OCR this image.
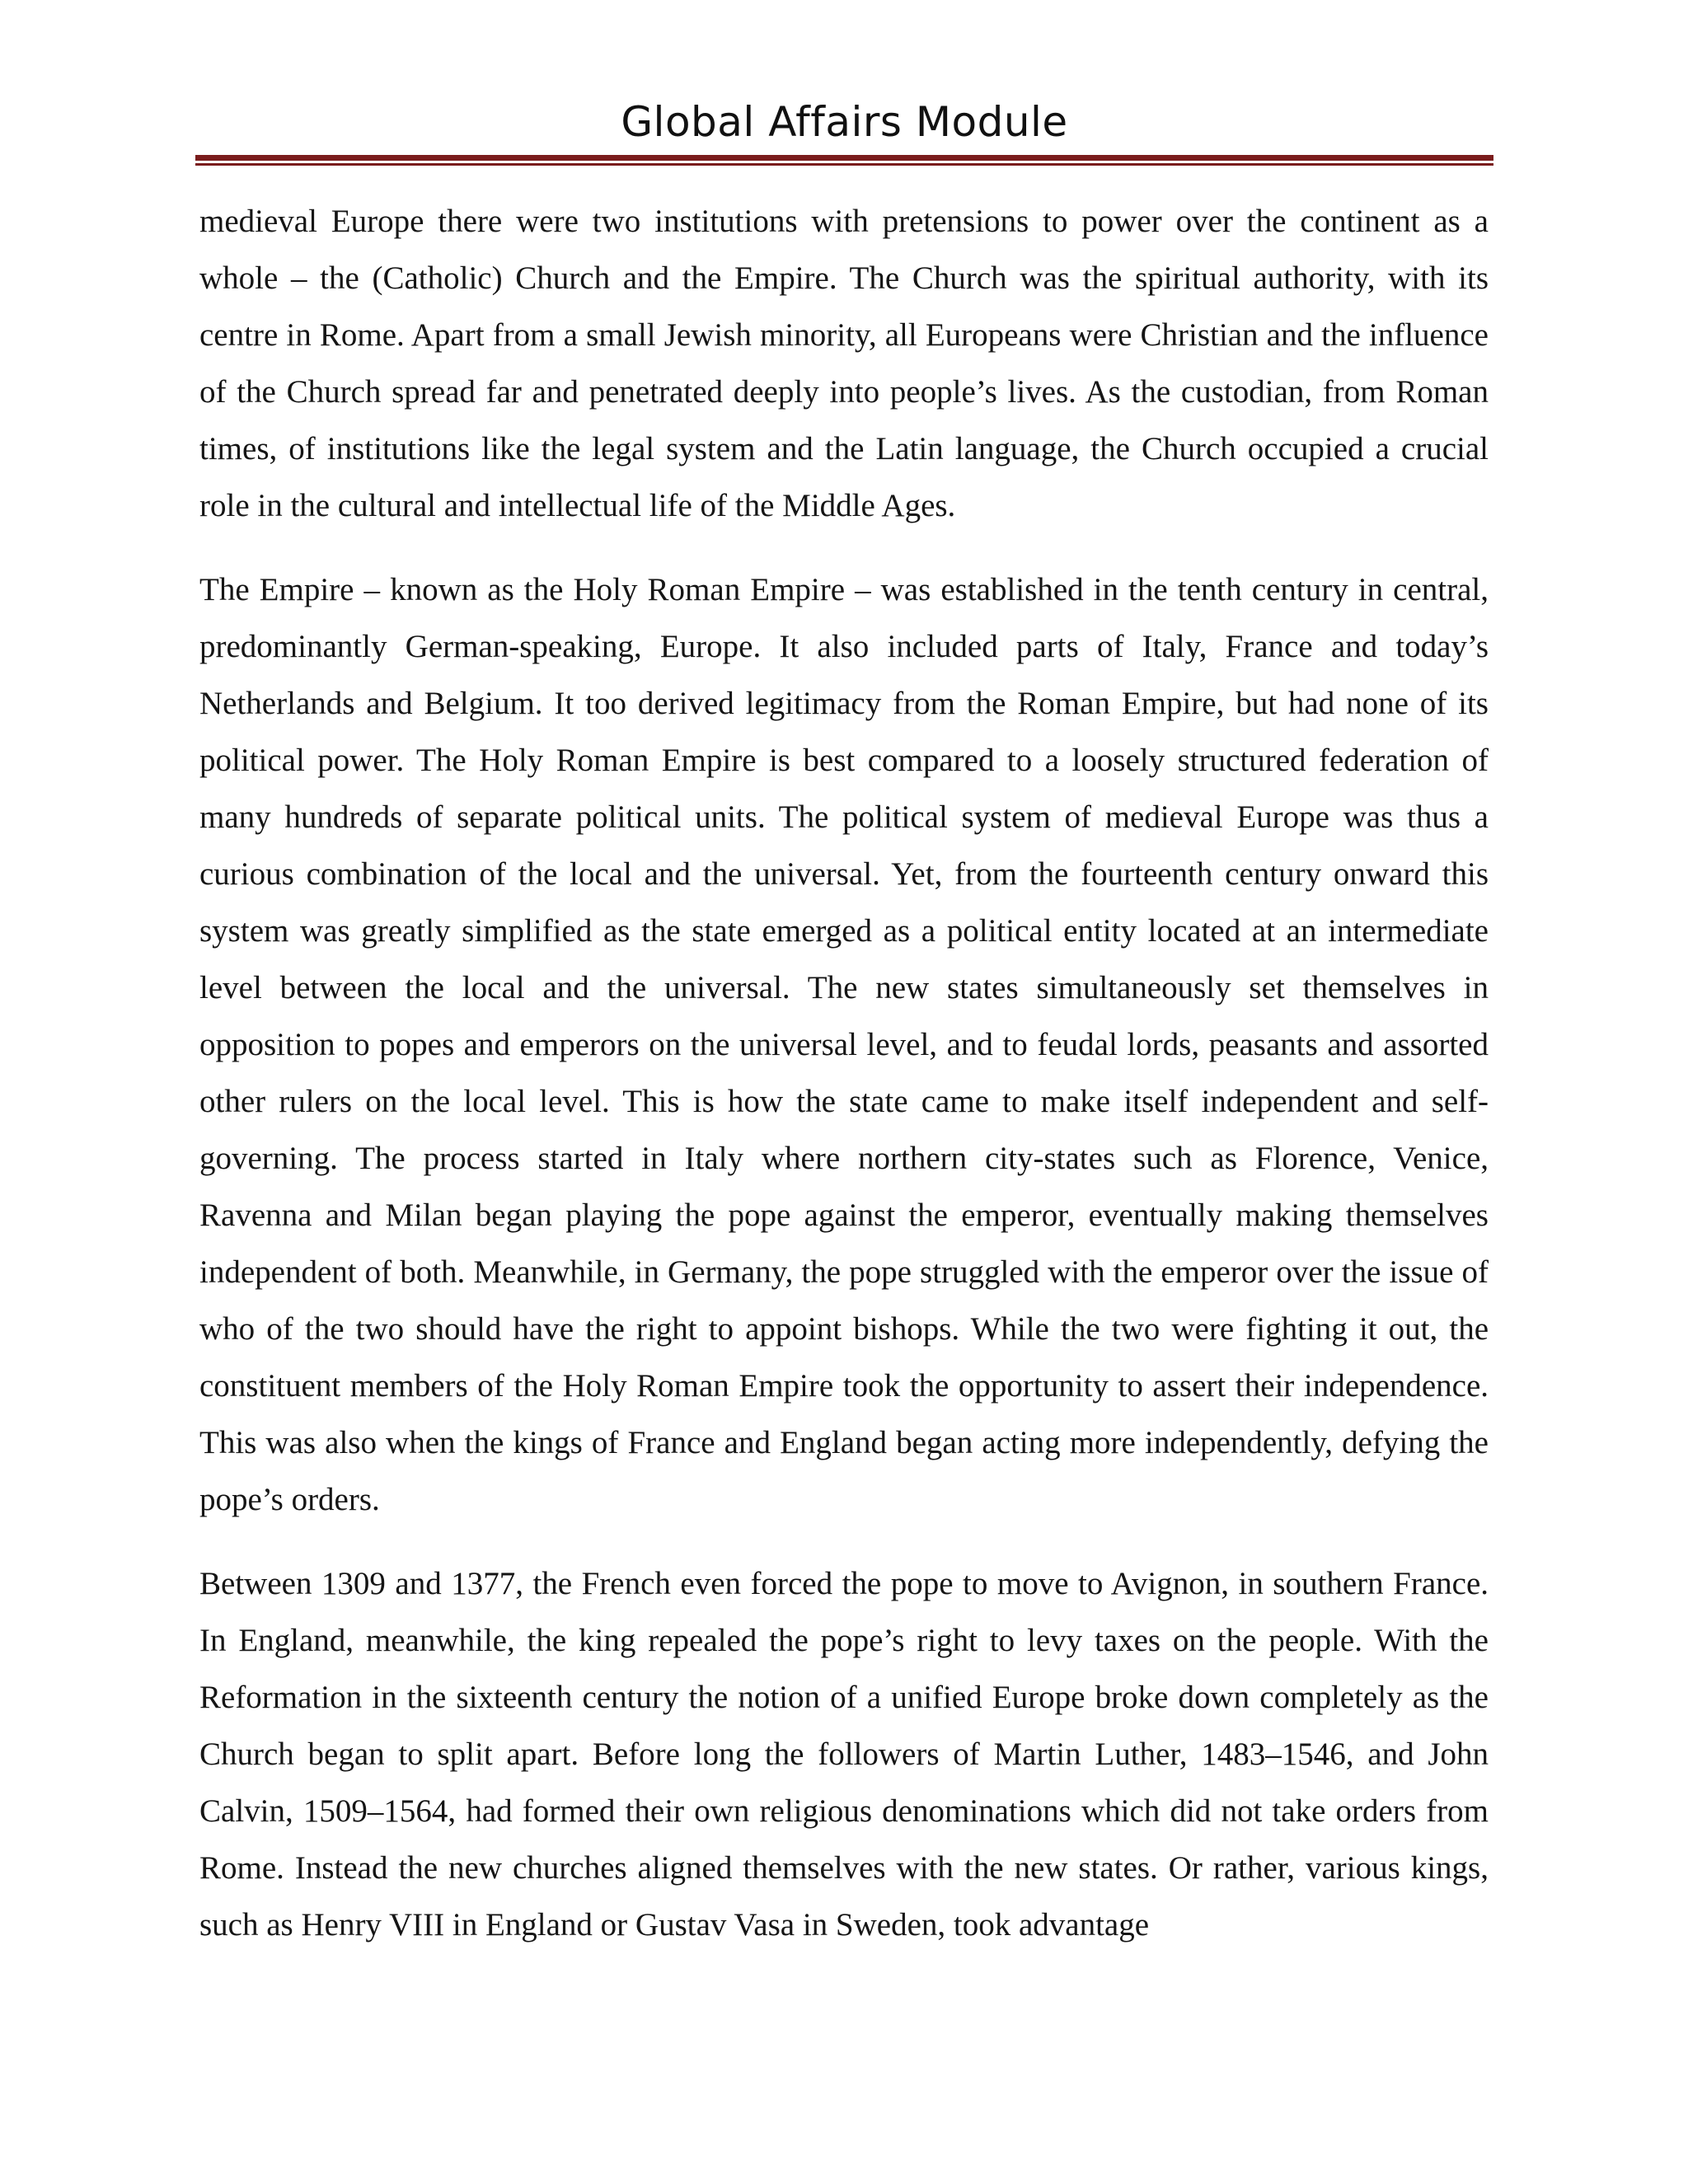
Global Affairs Module

medieval Europe there were two institutions with pretensions to power over the continent as a whole – the (Catholic) Church and the Empire. The Church was the spiritual authority, with its centre in Rome. Apart from a small Jewish minority, all Europeans were Christian and the influence of the Church spread far and penetrated deeply into people’s lives. As the custodian, from Roman times, of institutions like the legal system and the Latin language, the Church occupied a crucial role in the cultural and intellectual life of the Middle Ages.

The Empire – known as the Holy Roman Empire – was established in the tenth century in central, predominantly German-speaking, Europe. It also included parts of Italy, France and today’s Netherlands and Belgium. It too derived legitimacy from the Roman Empire, but had none of its political power. The Holy Roman Empire is best compared to a loosely structured federation of many hundreds of separate political units. The political system of medieval Europe was thus a curious combination of the local and the universal. Yet, from the fourteenth century onward this system was greatly simplified as the state emerged as a political entity located at an intermediate level between the local and the universal. The new states simultaneously set themselves in opposition to popes and emperors on the universal level, and to feudal lords, peasants and assorted other rulers on the local level. This is how the state came to make itself independent and self-governing. The process started in Italy where northern city-states such as Florence, Venice, Ravenna and Milan began playing the pope against the emperor, eventually making themselves independent of both. Meanwhile, in Germany, the pope struggled with the emperor over the issue of who of the two should have the right to appoint bishops. While the two were fighting it out, the constituent members of the Holy Roman Empire took the opportunity to assert their independence. This was also when the kings of France and England began acting more independently, defying the pope’s orders.

Between 1309 and 1377, the French even forced the pope to move to Avignon, in southern France. In England, meanwhile, the king repealed the pope’s right to levy taxes on the people. With the Reformation in the sixteenth century the notion of a unified Europe broke down completely as the Church began to split apart. Before long the followers of Martin Luther, 1483–1546, and John Calvin, 1509–1564, had formed their own religious denominations which did not take orders from Rome. Instead the new churches aligned themselves with the new states. Or rather, various kings, such as Henry VIII in England or Gustav Vasa in Sweden, took advantage
